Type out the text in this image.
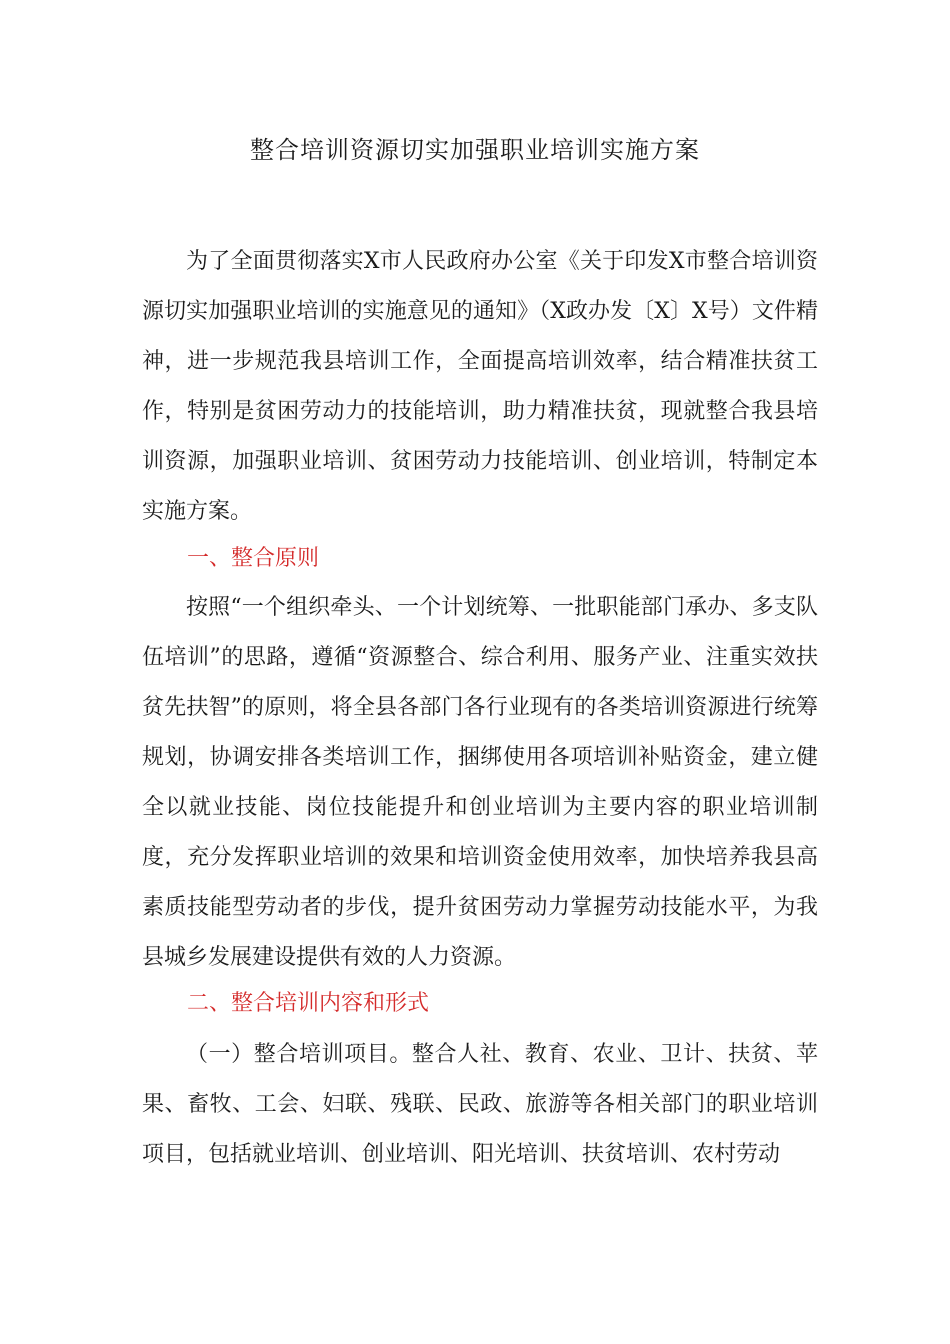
整合培训资源切实加强职业培训实施方案

为了全面贯彻落实X市人民政府办公室《关于印发X市整合培训资源切实加强职业培训的实施意见的通知》（X政办发〔X〕X号）文件精神，进一步规范我县培训工作，全面提高培训效率，结合精准扶贫工作，特别是贫困劳动力的技能培训，助力精准扶贫，现就整合我县培训资源，加强职业培训、贫困劳动力技能培训、创业培训，特制定本实施方案。

一、整合原则

按照“一个组织牵头、一个计划统筹、一批职能部门承办、多支队伍培训”的思路，遵循“资源整合、综合利用、服务产业、注重实效扶贫先扶智”的原则，将全县各部门各行业现有的各类培训资源进行统筹规划，协调安排各类培训工作，捆绑使用各项培训补贴资金，建立健全以就业技能、岗位技能提升和创业培训为主要内容的职业培训制度，充分发挥职业培训的效果和培训资金使用效率，加快培养我县高素质技能型劳动者的步伐，提升贫困劳动力掌握劳动技能水平，为我县城乡发展建设提供有效的人力资源。

二、整合培训内容和形式

（一）整合培训项目。整合人社、教育、农业、卫计、扶贫、苹果、畜牧、工会、妇联、残联、民政、旅游等各相关部门的职业培训项目，包括就业培训、创业培训、阳光培训、扶贫培训、农村劳动
